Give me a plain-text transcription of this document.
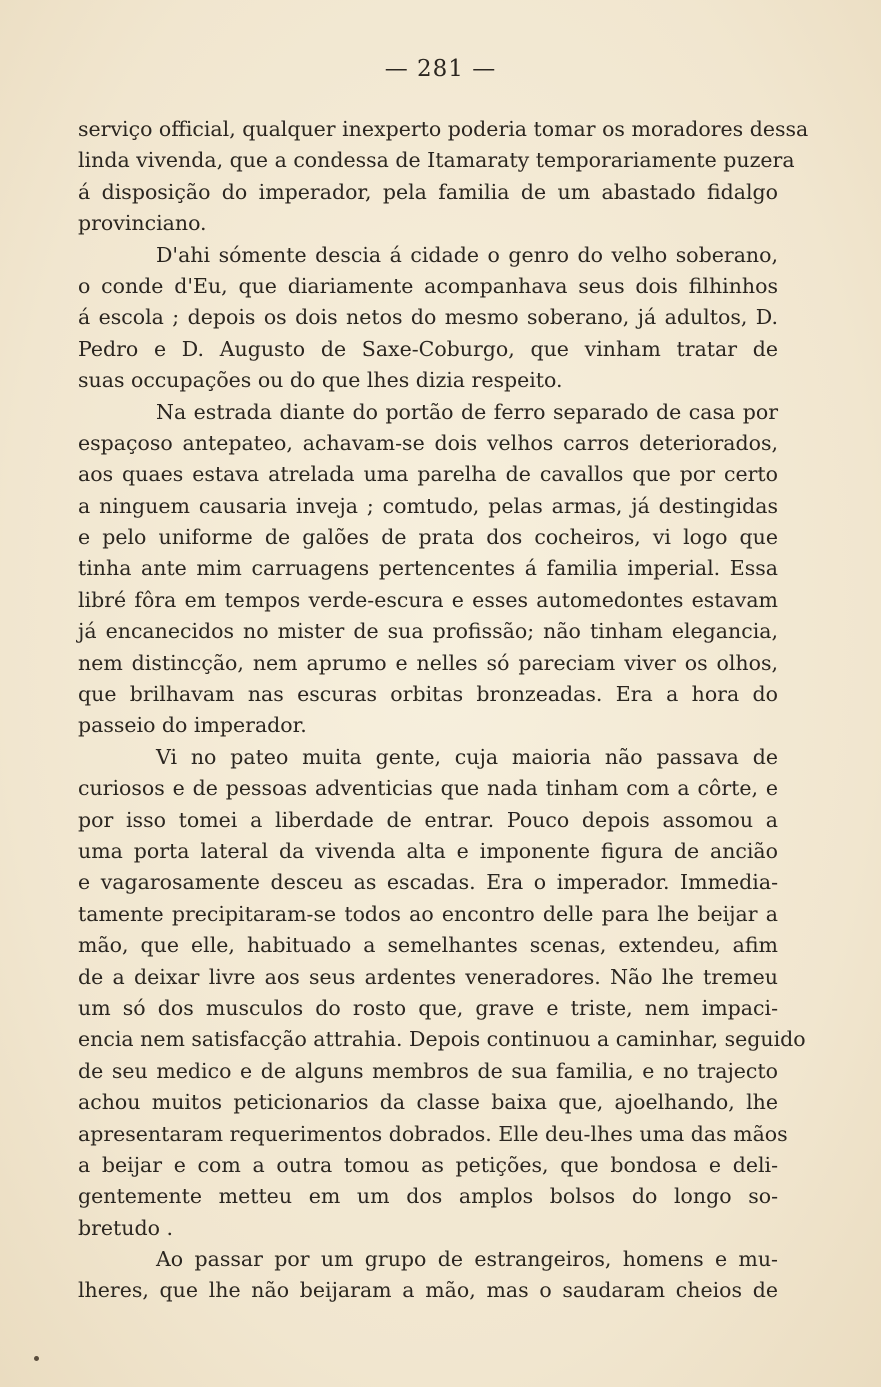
— 281 —
serviço official, qualquer inexperto poderia tomar os moradores dessa
linda vivenda, que a condessa de Itamaraty temporariamente puzera
á disposição do imperador, pela familia de um abastado fidalgo
provinciano.
D'ahi sómente descia á cidade o genro do velho soberano,
o conde d'Eu, que diariamente acompanhava seus dois filhinhos
á escola ; depois os dois netos do mesmo soberano, já adultos, D.
Pedro e D. Augusto de Saxe-Coburgo, que vinham tratar de
suas occupações ou do que lhes dizia respeito.
Na estrada diante do portão de ferro separado de casa por
espaçoso antepateo, achavam-se dois velhos carros deteriorados,
aos quaes estava atrelada uma parelha de cavallos que por certo
a ninguem causaria inveja ; comtudo, pelas armas, já destingidas
e pelo uniforme de galões de prata dos cocheiros, vi logo que
tinha ante mim carruagens pertencentes á familia imperial. Essa
libré fôra em tempos verde-escura e esses automedontes estavam
já encanecidos no mister de sua profissão; não tinham elegancia,
nem distincção, nem aprumo e nelles só pareciam viver os olhos,
que brilhavam nas escuras orbitas bronzeadas. Era a hora do
passeio do imperador.
Vi no pateo muita gente, cuja maioria não passava de
curiosos e de pessoas adventicias que nada tinham com a côrte, e
por isso tomei a liberdade de entrar. Pouco depois assomou a
uma porta lateral da vivenda alta e imponente figura de ancião
e vagarosamente desceu as escadas. Era o imperador. Immedia-
tamente precipitaram-se todos ao encontro delle para lhe beijar a
mão, que elle, habituado a semelhantes scenas, extendeu, afim
de a deixar livre aos seus ardentes veneradores. Não lhe tremeu
um só dos musculos do rosto que, grave e triste, nem impaci-
encia nem satisfacção attrahia. Depois continuou a caminhar, seguido
de seu medico e de alguns membros de sua familia, e no trajecto
achou muitos peticionarios da classe baixa que, ajoelhando, lhe
apresentaram requerimentos dobrados. Elle deu-lhes uma das mãos
a beijar e com a outra tomou as petições, que bondosa e deli-
gentemente metteu em um dos amplos bolsos do longo so-
bretudo .
Ao passar por um grupo de estrangeiros, homens e mu-
lheres, que lhe não beijaram a mão, mas o saudaram cheios de
